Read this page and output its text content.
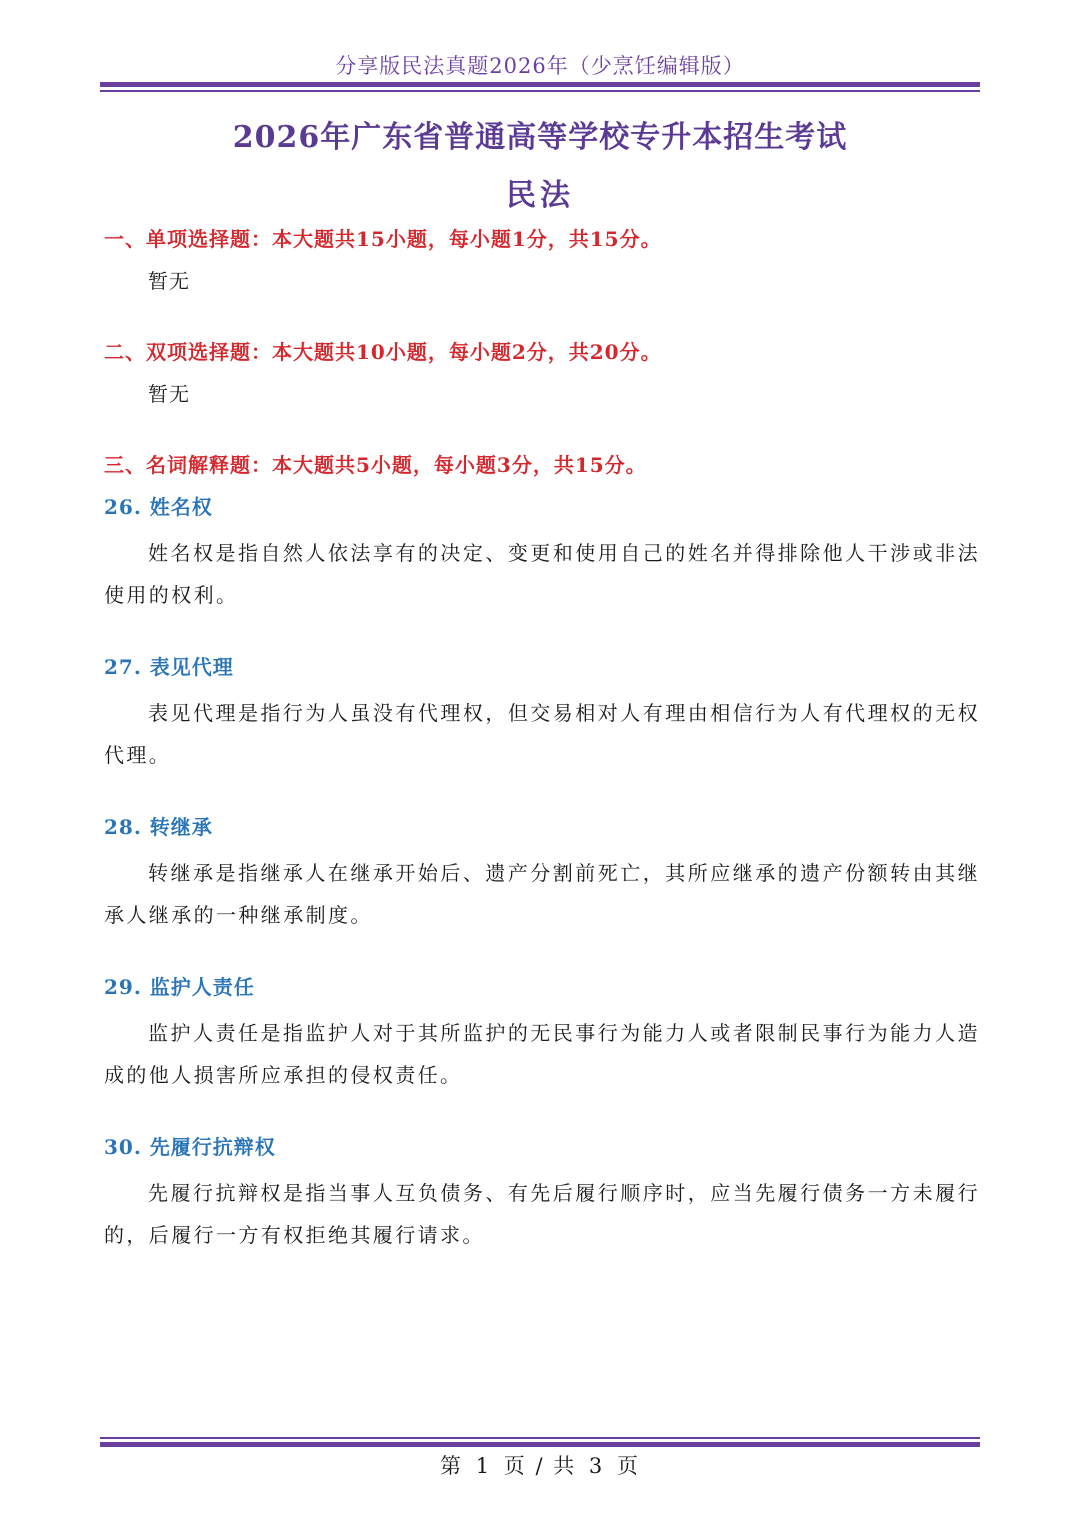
分享版民法真题2026年（少烹饪编辑版）
2026年广东省普通高等学校专升本招生考试
民法
一、单项选择题：本大题共15小题，每小题1分，共15分。
暂无
二、双项选择题：本大题共10小题，每小题2分，共20分。
暂无
三、名词解释题：本大题共5小题，每小题3分，共15分。
26. 姓名权
姓名权是指自然人依法享有的决定、变更和使用自己的姓名并得排除他人干涉或非法使用的权利。
27. 表见代理
表见代理是指行为人虽没有代理权，但交易相对人有理由相信行为人有代理权的无权代理。
28. 转继承
转继承是指继承人在继承开始后、遗产分割前死亡，其所应继承的遗产份额转由其继承人继承的一种继承制度。
29. 监护人责任
监护人责任是指监护人对于其所监护的无民事行为能力人或者限制民事行为能力人造成的他人损害所应承担的侵权责任。
30. 先履行抗辩权
先履行抗辩权是指当事人互负债务、有先后履行顺序时，应当先履行债务一方未履行的，后履行一方有权拒绝其履行请求。
第 1 页 / 共 3 页
